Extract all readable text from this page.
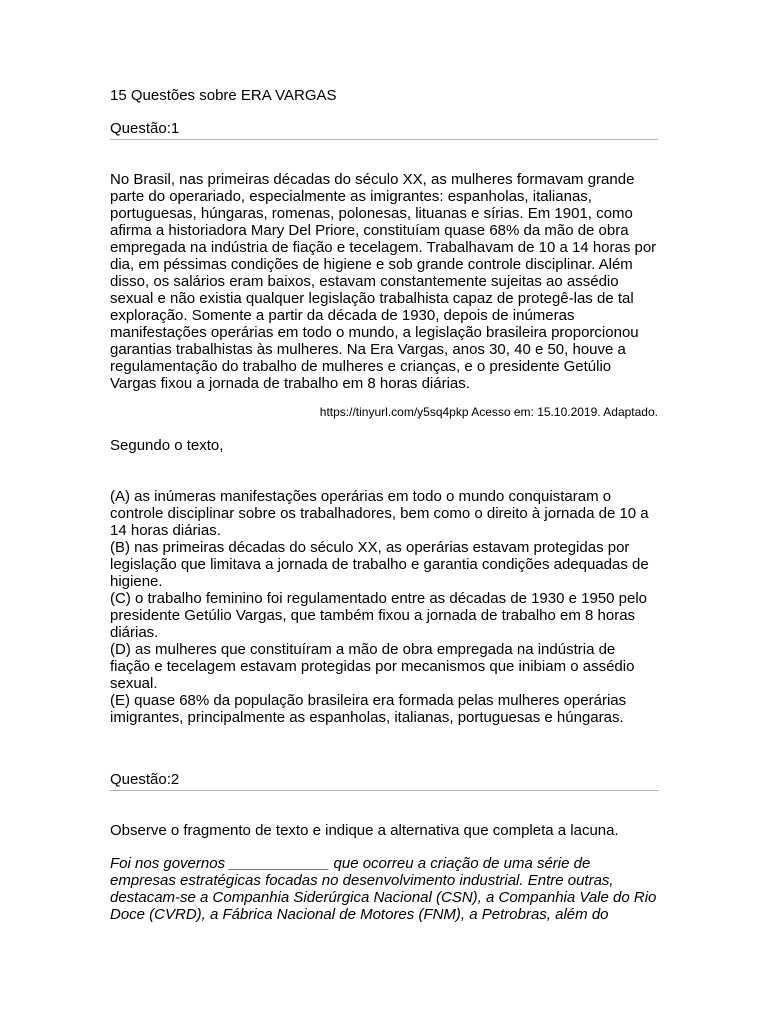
15 Questões sobre ERA VARGAS
Questão:1

No Brasil, nas primeiras décadas do século XX, as mulheres formavam grande parte do operariado, especialmente as imigrantes: espanholas, italianas, portuguesas, húngaras, romenas, polonesas, lituanas e sírias. Em 1901, como afirma a historiadora Mary Del Priore, constituíam quase 68% da mão de obra empregada na indústria de fiação e tecelagem. Trabalhavam de 10 a 14 horas por dia, em péssimas condições de higiene e sob grande controle disciplinar. Além disso, os salários eram baixos, estavam constantemente sujeitas ao assédio sexual e não existia qualquer legislação trabalhista capaz de protegê-las de tal exploração. Somente a partir da década de 1930, depois de inúmeras manifestações operárias em todo o mundo, a legislação brasileira proporcionou garantias trabalhistas às mulheres. Na Era Vargas, anos 30, 40 e 50, houve a regulamentação do trabalho de mulheres e crianças, e o presidente Getúlio Vargas fixou a jornada de trabalho em 8 horas diárias.

https://tinyurl.com/y5sq4pkp Acesso em: 15.10.2019. Adaptado.
Segundo o texto,
(A) as inúmeras manifestações operárias em todo o mundo conquistaram o controle disciplinar sobre os trabalhadores, bem como o direito à jornada de 10 a 14 horas diárias.
(B) nas primeiras décadas do século XX, as operárias estavam protegidas por legislação que limitava a jornada de trabalho e garantia condições adequadas de higiene.
(C) o trabalho feminino foi regulamentado entre as décadas de 1930 e 1950 pelo presidente Getúlio Vargas, que também fixou a jornada de trabalho em 8 horas diárias.
(D) as mulheres que constituíram a mão de obra empregada na indústria de fiação e tecelagem estavam protegidas por mecanismos que inibiam o assédio sexual.
(E) quase 68% da população brasileira era formada pelas mulheres operárias imigrantes, principalmente as espanholas, italianas, portuguesas e húngaras.
Questão:2
Observe o fragmento de texto e indique a alternativa que completa a lacuna.

Foi nos governos ____________ que ocorreu a criação de uma série de empresas estratégicas focadas no desenvolvimento industrial. Entre outras, destacam-se a Companhia Siderúrgica Nacional (CSN), a Companhia Vale do Rio Doce (CVRD), a Fábrica Nacional de Motores (FNM), a Petrobras, além do
